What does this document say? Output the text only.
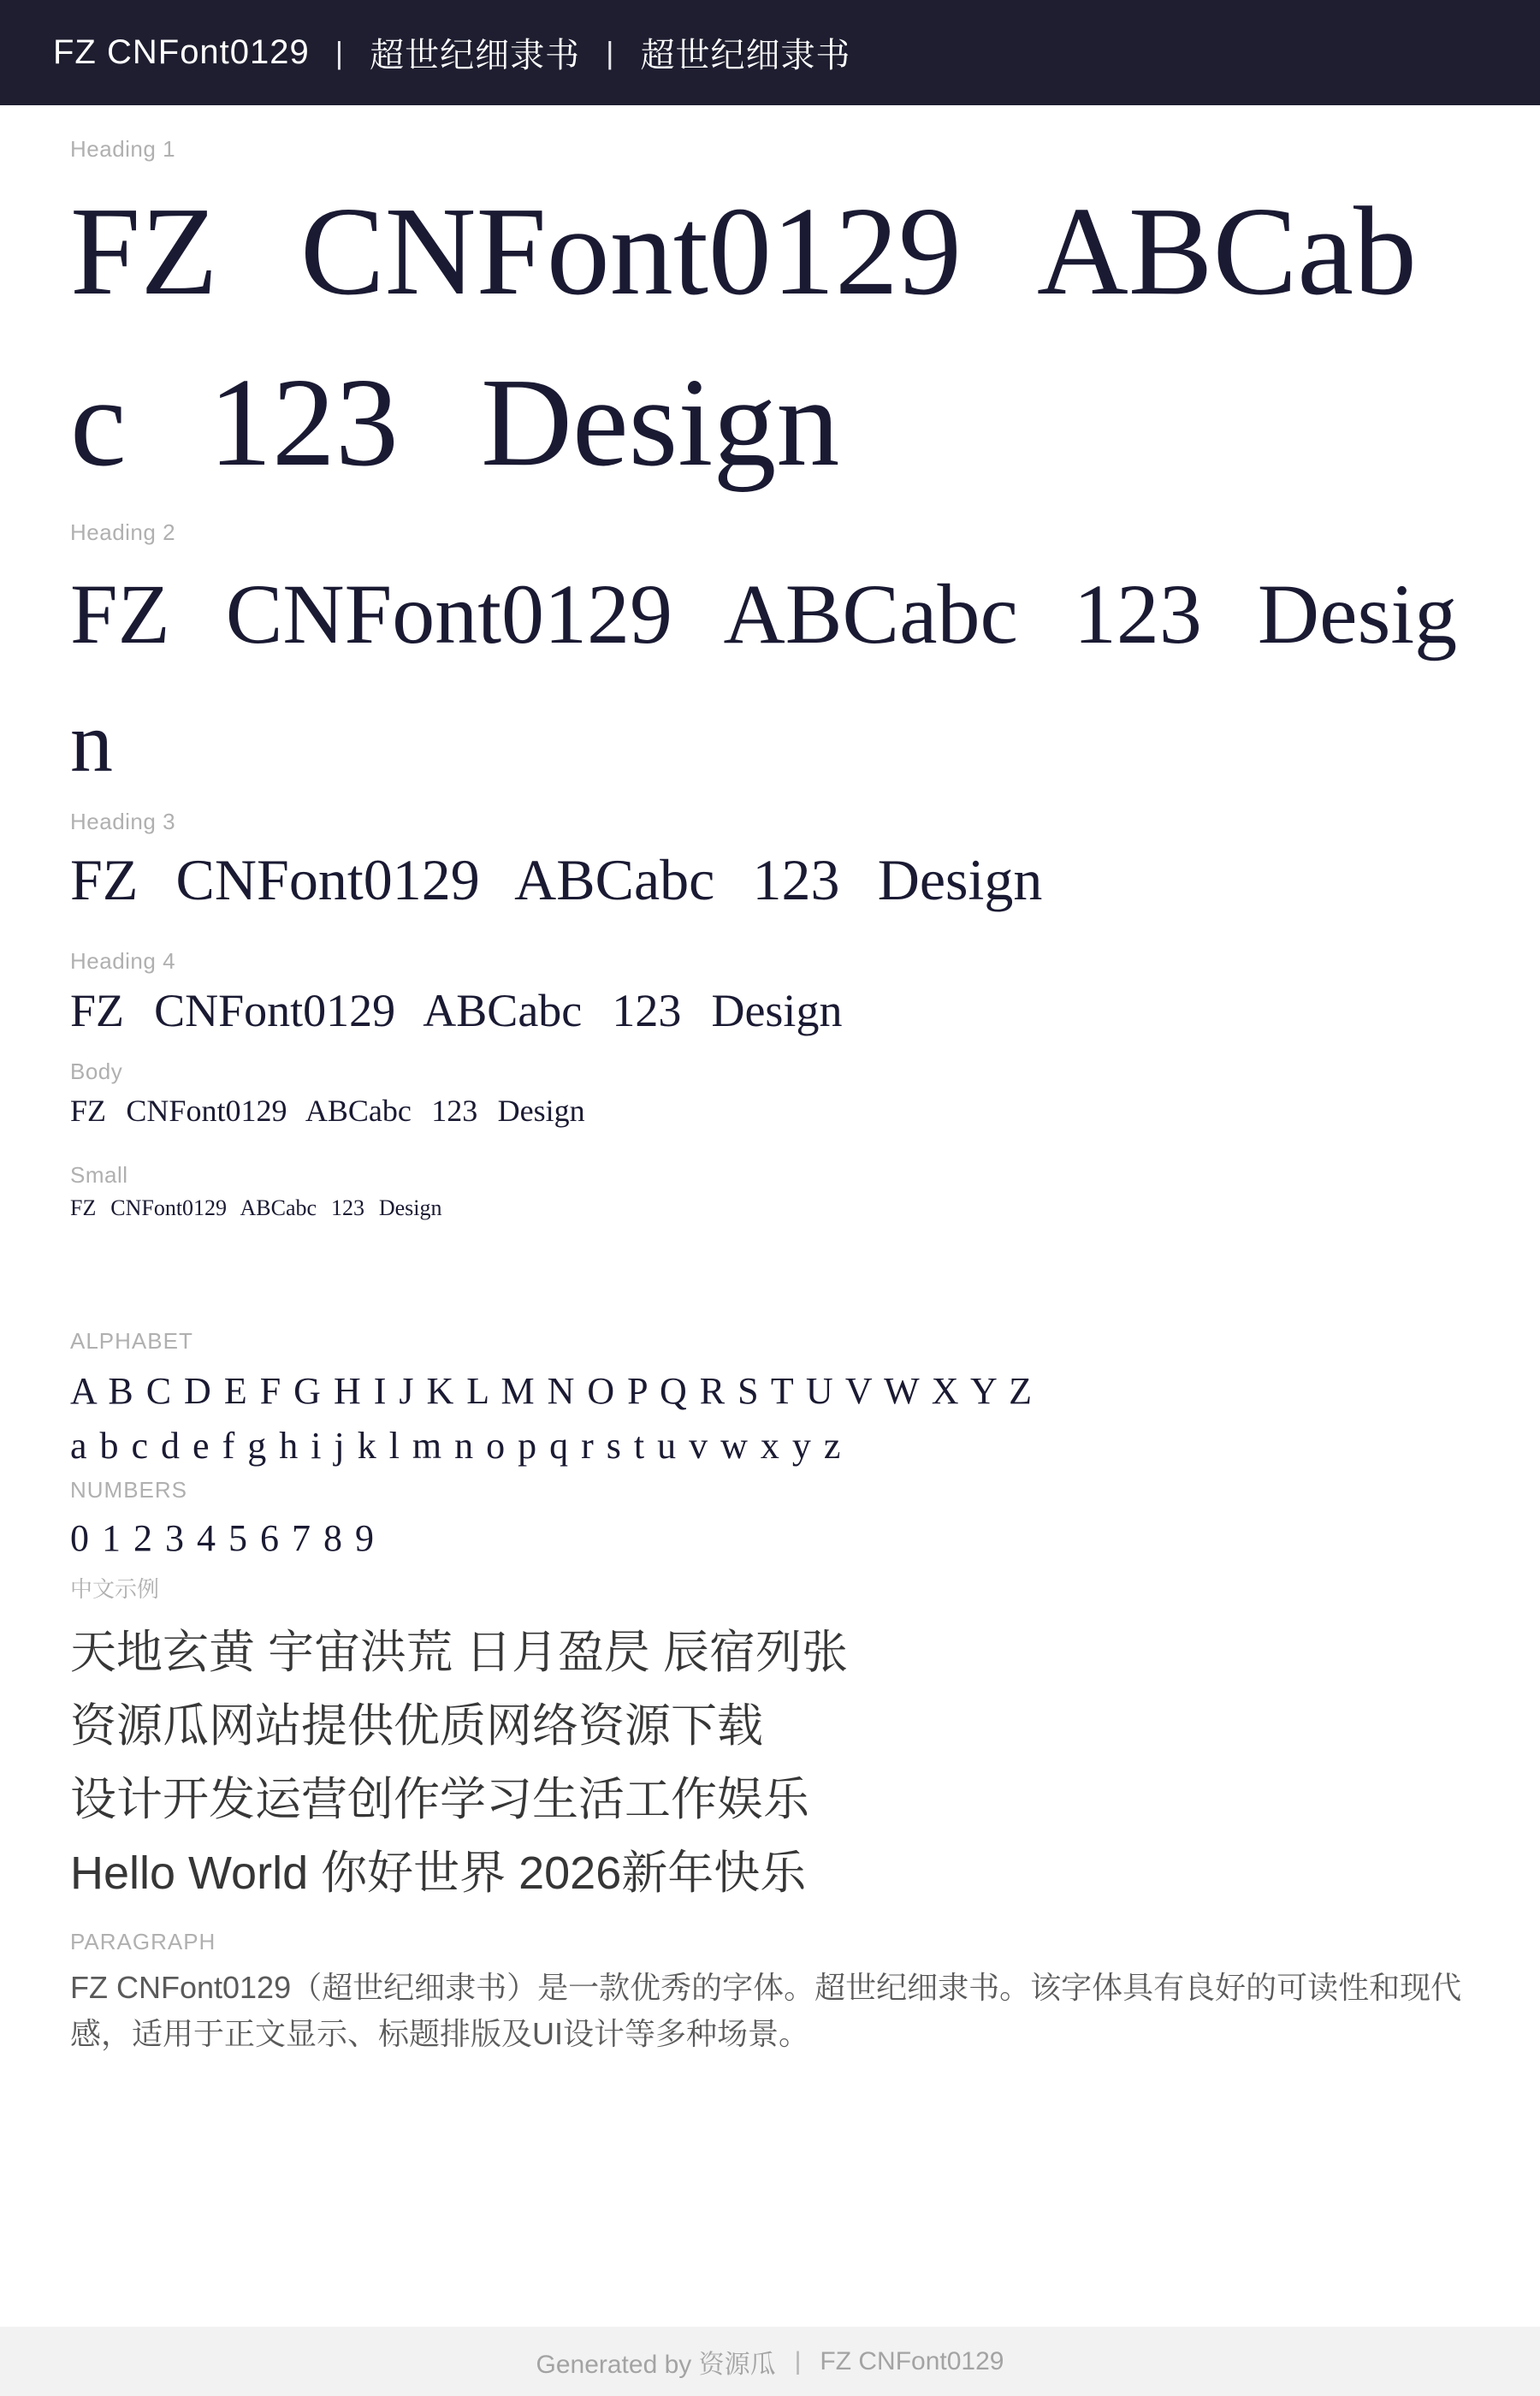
FZ CNFont0129 | 超世纪细隶书 | 超世纪细隶书
Heading 1
FZ CNFont0129 ABCabc 123 Design
Heading 2
FZ CNFont0129 ABCabc 123 Design
Heading 3
FZ CNFont0129 ABCabc 123 Design
Heading 4
FZ CNFont0129 ABCabc 123 Design
Body
FZ CNFont0129 ABCabc 123 Design
Small
FZ CNFont0129 ABCabc 123 Design
ALPHABET
A B C D E F G H I J K L M N O P Q R S T U V W X Y Z
a b c d e f g h i j k l m n o p q r s t u v w x y z
NUMBERS
0 1 2 3 4 5 6 7 8 9
中文示例
天地玄黄 宇宙洪荒 日月盈昃 辰宿列张
资源瓜网站提供优质网络资源下载
设计开发运营创作学习生活工作娱乐
Hello World 你好世界 2026新年快乐
PARAGRAPH
FZ CNFont0129（超世纪细隶书）是一款优秀的字体。超世纪细隶书。该字体具有良好的可读性和现代感，适用于正文显示、标题排版及UI设计等多种场景。
Generated by 资源瓜 | FZ CNFont0129
